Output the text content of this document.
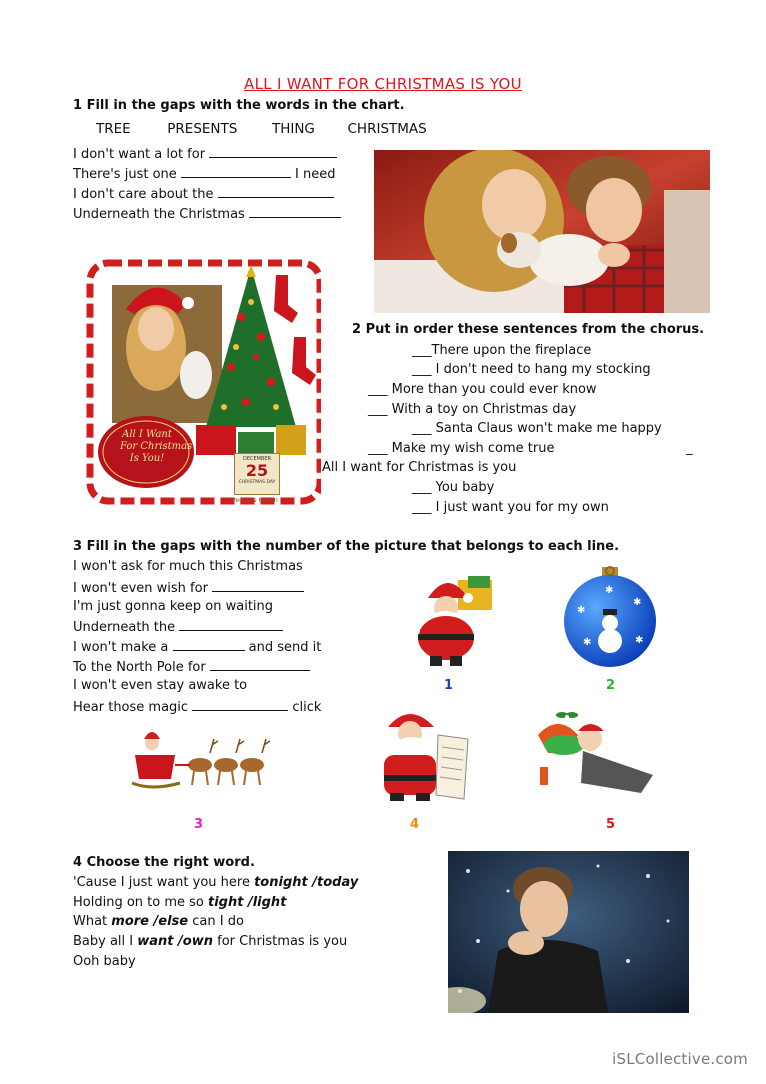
ALL I WANT FOR CHRISTMAS IS YOU
1 Fill in the gaps with the words in the chart.
TREE	PRESENTS	THING CHRISTMAS
I don't want a lot for
There's just one	I need
I don't care about the
Underneath the Christmas
All I Want
For Christmas
Is You!	DECEMBER
25
CHRISTMAS DAY
Pegasus Haven
2 Put in order these sentences from the chorus.
___There upon the fireplace
___ I don't need to hang my stocking
___ More than you could ever know
___ With a toy on Christmas day
___ Santa Claus won't make me happy
___ Make my wish come true	_
All I want for Christmas is you
___ You baby
___ I just want you for my own
3 Fill in the gaps with the number of the picture that belongs to each line.
I won't ask for much this Christmas
I won't even wish for
I'm just gonna keep on waiting
Underneath the
I won't make a	and send it
To the North Pole for
I won't even stay awake to
Hear those magic	click
1
✱
✱
✱	✱
✱
2
3	4	5
4 Choose the right word.
'Cause I just want you here tonight /today
Holding on to me so tight /light
What more /else can I do
Baby all I want /own for Christmas is you
Ooh baby
iSLCollective.com
